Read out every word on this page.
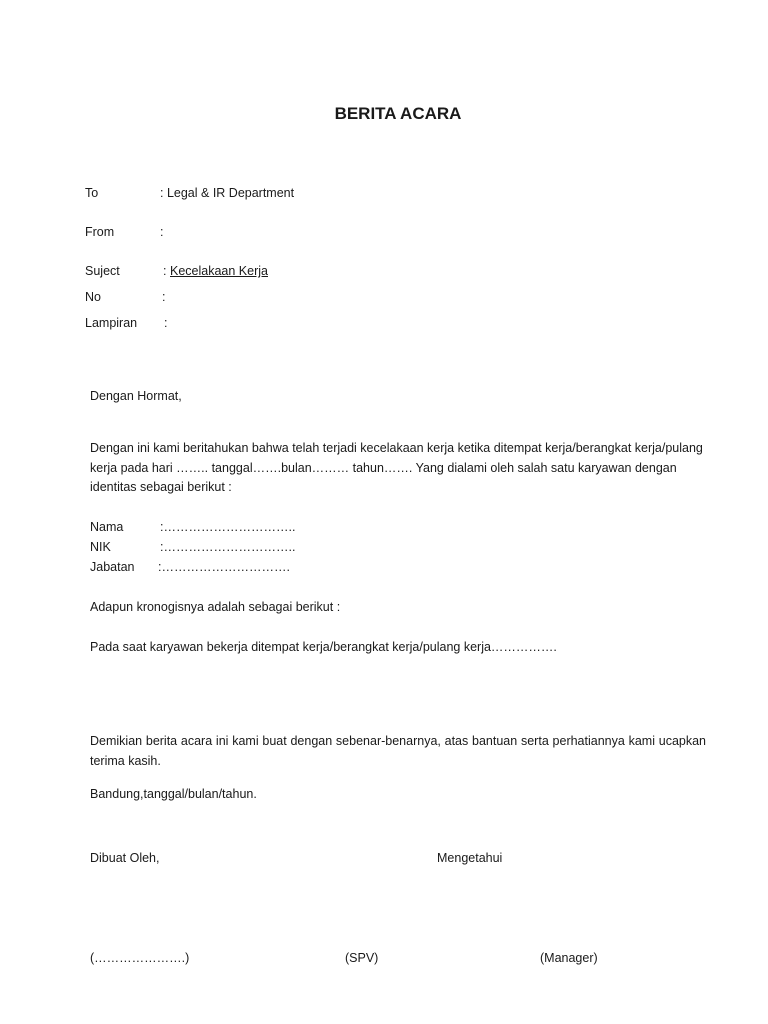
BERITA ACARA
To	: Legal & IR Department
From	:
Suject	: Kecelakaan Kerja
No	:
Lampiran :
Dengan Hormat,
Dengan ini kami beritahukan bahwa telah terjadi kecelakaan kerja ketika ditempat kerja/berangkat kerja/pulang kerja pada hari …….. tanggal…….bulan……… tahun……. Yang dialami oleh salah satu karyawan dengan identitas sebagai berikut :
Nama	:…………………………..
NIK	:…………………………..
Jabatan :………………………….
Adapun kronogisnya adalah sebagai berikut :
Pada saat karyawan bekerja ditempat kerja/berangkat kerja/pulang kerja…………….
Demikian berita acara ini kami buat dengan sebenar-benarnya, atas bantuan serta perhatiannya kami ucapkan terima kasih.
Bandung,tanggal/bulan/tahun.
Dibuat Oleh,	Mengetahui
(………………….)	(SPV)	(Manager)
